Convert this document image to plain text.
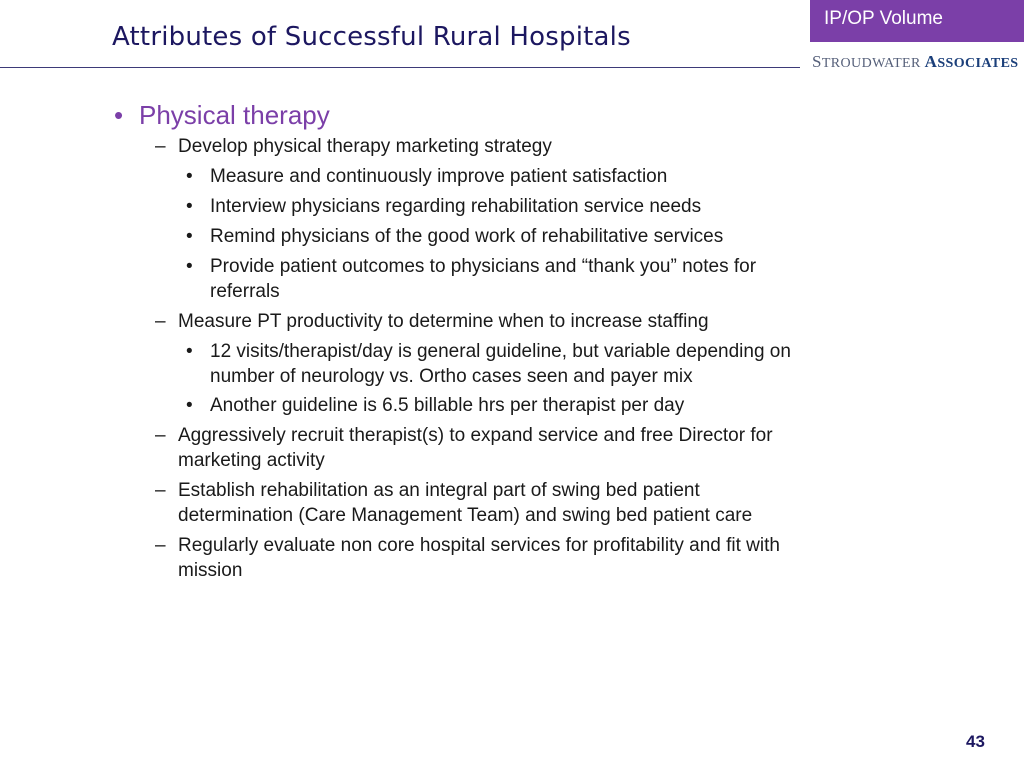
Attributes of Successful Rural Hospitals
IP/OP Volume
STROUDWATER ASSOCIATES
• Physical therapy
– Develop physical therapy marketing strategy
• Measure and continuously improve patient satisfaction
• Interview physicians regarding rehabilitation service needs
• Remind physicians of the good work of rehabilitative services
• Provide patient outcomes to physicians and “thank you” notes for
referrals
– Measure PT productivity to determine when to increase staffing
• 12 visits/therapist/day is general guideline, but variable depending on
number of neurology vs. Ortho cases seen and payer mix
• Another guideline is 6.5 billable hrs per therapist per day
– Aggressively recruit therapist(s) to expand service and free Director for
marketing activity
– Establish rehabilitation as an integral part of swing bed patient
determination (Care Management Team) and swing bed patient care
– Regularly evaluate non core hospital services for profitability and fit with
mission
43
